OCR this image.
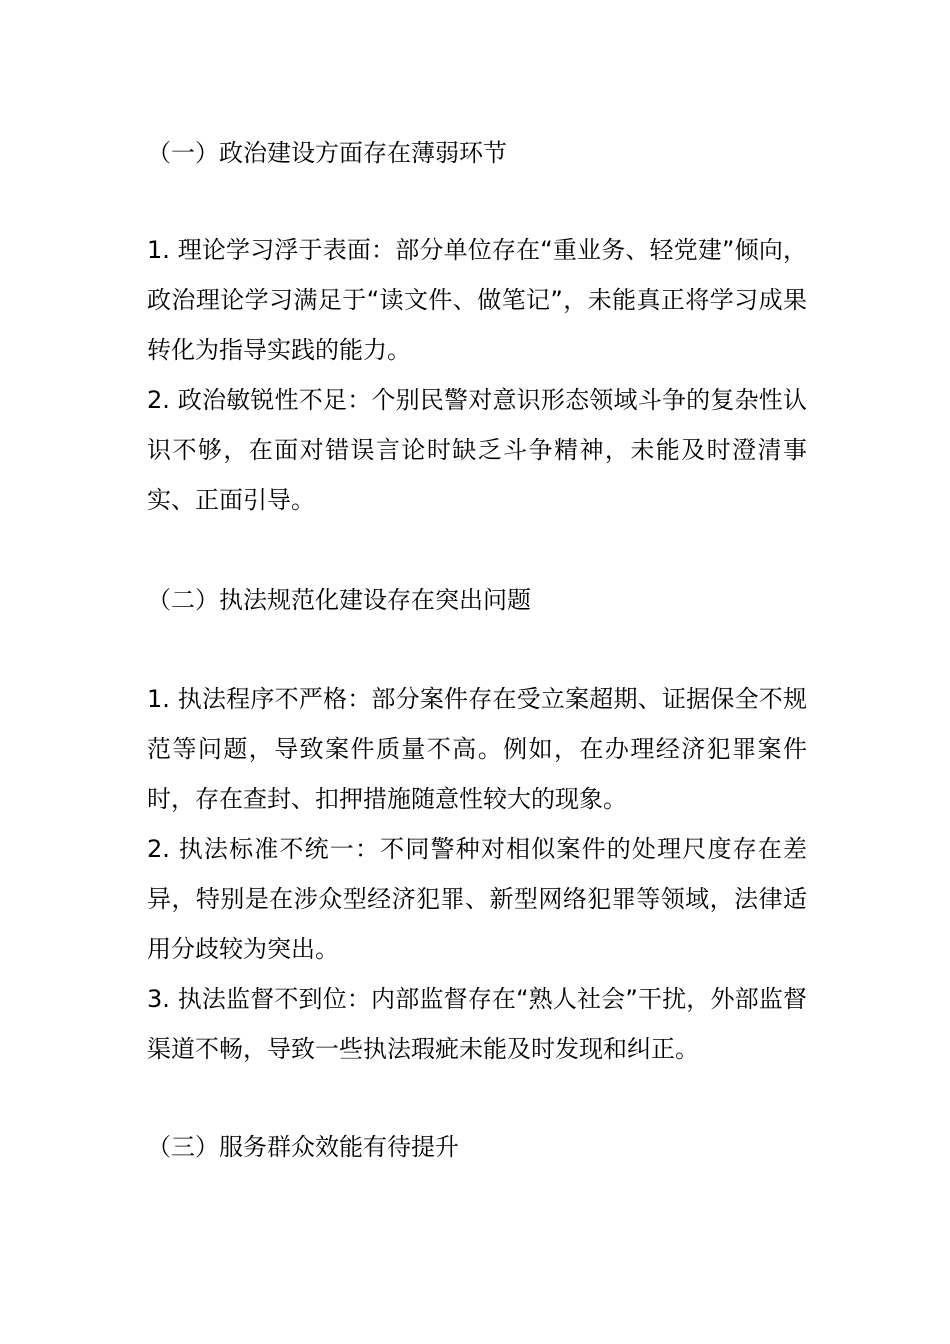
（一）政治建设方面存在薄弱环节

1. 理论学习浮于表面：部分单位存在“重业务、轻党建”倾向，政治理论学习满足于“读文件、做笔记”，未能真正将学习成果转化为指导实践的能力。

2. 政治敏锐性不足：个别民警对意识形态领域斗争的复杂性认识不够，在面对错误言论时缺乏斗争精神，未能及时澄清事实、正面引导。

（二）执法规范化建设存在突出问题

1. 执法程序不严格：部分案件存在受立案超期、证据保全不规范等问题，导致案件质量不高。例如，在办理经济犯罪案件时，存在查封、扣押措施随意性较大的现象。

2. 执法标准不统一：不同警种对相似案件的处理尺度存在差异，特别是在涉众型经济犯罪、新型网络犯罪等领域，法律适用分歧较为突出。

3. 执法监督不到位：内部监督存在“熟人社会”干扰，外部监督渠道不畅，导致一些执法瑕疵未能及时发现和纠正。

（三）服务群众效能有待提升
